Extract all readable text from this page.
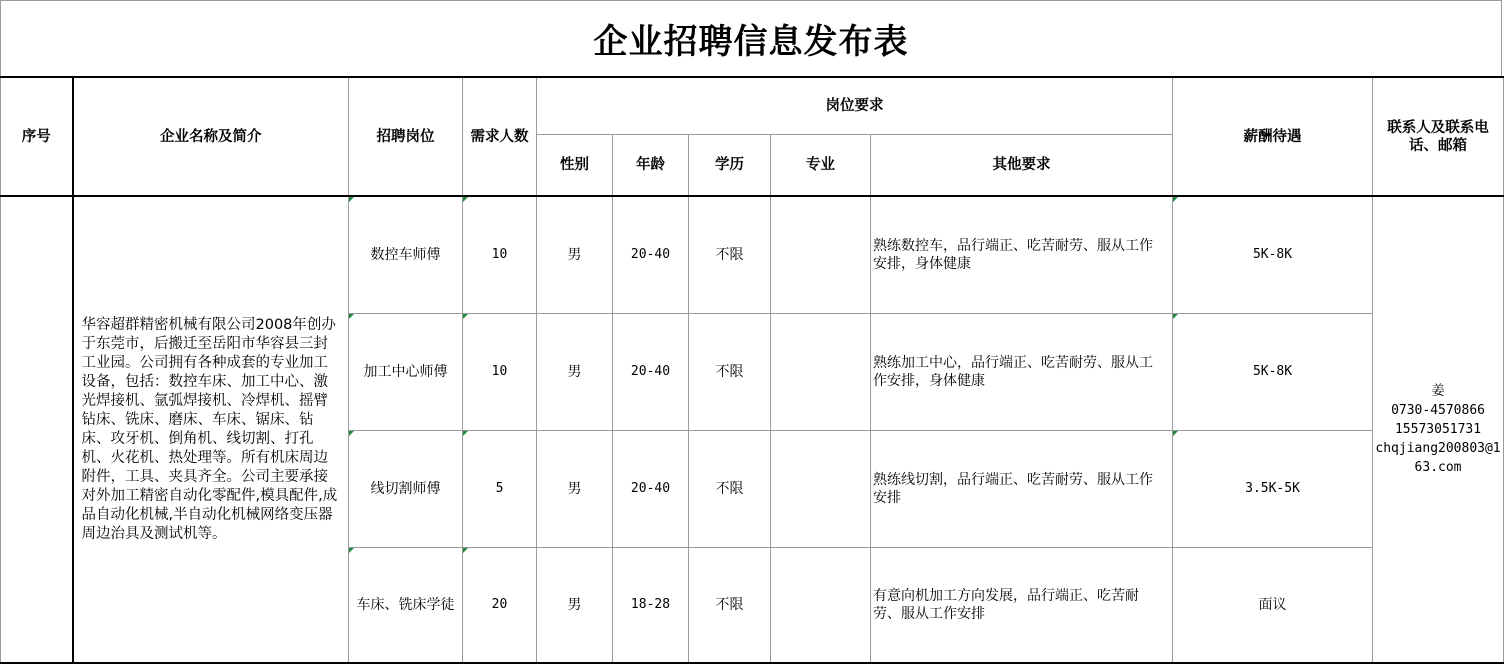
企业招聘信息发布表
序号	企业名称及简介	招聘岗位	需求人数	岗位要求					薪酬待遇	联系人及联系电话、邮箱
				性别	年龄	学历	专业	其他要求		
	华容超群精密机械有限公司2008年创办于东莞市，后搬迁至岳阳市华容县三封工业园。公司拥有各种成套的专业加工设备，包括：数控车床、加工中心、激光焊接机、氩弧焊接机、冷焊机、摇臂钻床、铣床、磨床、车床、锯床、钻床、攻牙机、倒角机、线切割、打孔机、火花机、热处理等。所有机床周边附件，工具、夹具齐全。公司主要承接对外加工精密自动化零配件,模具配件,成品自动化机械,半自动化机械网络变压器周边治具及测试机等。	数控车师傅	10	男	20-40	不限		熟练数控车，品行端正、吃苦耐劳、服从工作安排，身体健康	5K-8K	姜
0730-4570866
15573051731
chqjiang200803@163.com

		加工中心师傅	10	男	20-40	不限		熟练加工中心，品行端正、吃苦耐劳、服从工作安排，身体健康	5K-8K	
		线切割师傅	5	男	20-40	不限		熟练线切割，品行端正、吃苦耐劳、服从工作安排	3.5K-5K	
		车床、铣床学徒	20	男	18-28	不限		有意向机加工方向发展，品行端正、吃苦耐劳、服从工作安排	面议	
